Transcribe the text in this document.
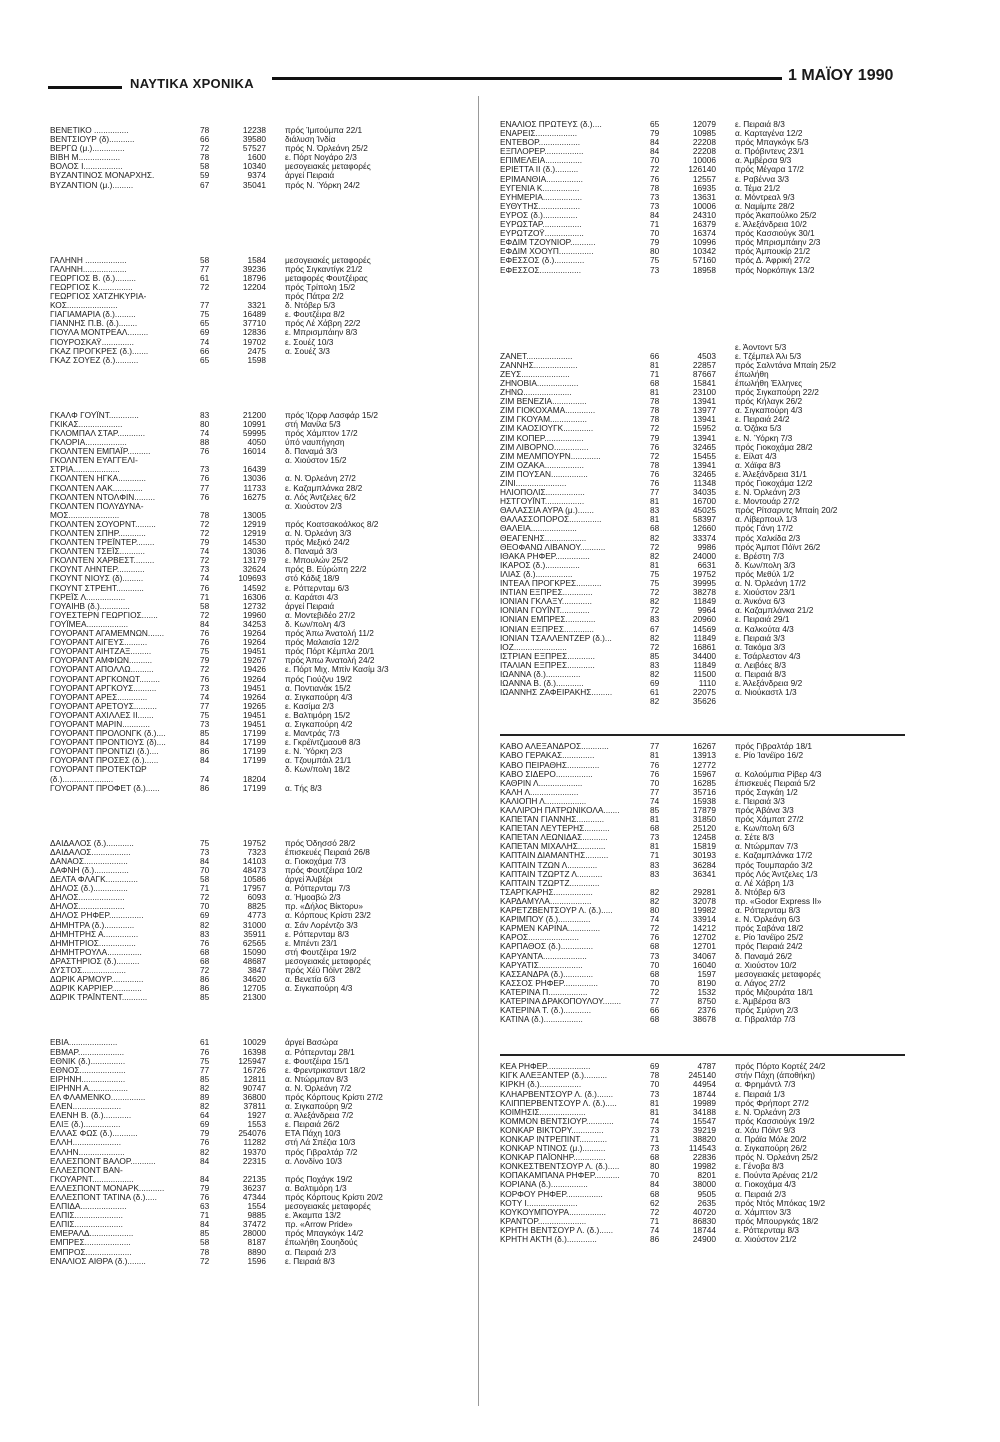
ΝΑΥΤΙΚΑ ΧΡΟΝΙΚΑ	1 ΜΑΪΟΥ 1990
ΒΕΝΕΤΙΚΟ ...............	78	12238 πρός Ίμιτούμπα 22/1
ΒΕΝΤΣΙΟΥΡ (δ)...........	66	39580 διάλυση Ίνδία
ΒΕΡΓΩ (μ.)..............	72	57527 πρός Ν. Όρλεάνη 25/2
ΒΙΒΗ Μ..................	78	1600 ε. Πόρτ Νογάρο 2/3
ΒΟΛΟΣ Ι.................	58	10340 μεσογειακές μεταφορές
ΒΥΖΑΝΤΙΝΟΣ ΜΟΝΑΡΧΗΣ.	59	9374 άργεί Πειραιά
ΒΥΖΑΝΤΙΟΝ (μ.).........	67	35041 πρός Ν. Ύόρκη 24/2
ΓΑΛΗΝΗ ..................	58	1584 μεσογειακές μεταφορές
ΓΑΛΗΝΗ...................	77	39236 πρός Σιγκαντίγκ 21/2
ΓΕΩΡΓΙΟΣ Β. (δ.).........	61	18796 μεταφορές Φουτζέιρας
ΓΕΩΡΓΙΟΣ Κ...............	72	12204 πρός Τρίπολη 15/2
ΓΕΩΡΓΙΟΣ ΧΑΤΖΗΚΥΡΙΑ-	πρός Πάτρα 2/2
ΚΟΣ......................	77	3321 δ. Ντόβερ 5/3
ΓΙΑΓΙΑΜΑΡΙΑ (δ.).........	75	16489 ε. Φουτζέιρα 8/2
ΓΙΑΝΝΗΣ Π.Β. (δ.)........	65	37710 πρός Λέ Χάβρη 22/2
ΓΙΟΥΛΑ ΜΟΝΤΡΕΑΛ.........	69	12836 ε. Μπρισμπάιην 8/3
ΓΙΟΥΡΟΣΚΑΫ..............	74	19702 ε. Σουέζ 10/3
ΓΚΑΖ ΠΡΟΓΚΡΕΣ (δ.).......	66	2475 α. Σουέζ 3/3
ΓΚΑΖ ΣΟΥΕΖ (δ.)..........	65	1598
ΓΚΑΛΦ ΓΟΥΪΝΤ.............	83	21200 πρός Ίζορφ Λασφάρ 15/2
ΓΚΙΚΑΣ...................	80	10991 στή Μανίλα 5/3
ΓΚΛΟΜΠΑΛ ΣΤΑΡ............	74	59995 πρός Χάμπτον 17/2
ΓΚΛΟΡΙΑ..................	88	4050 ύπό ναυπήγηση
ΓΚΟΛΝΤΕΝ ΕΜΠΑΪΡ..........	76	16014 δ. Παναμά 3/3
ΓΚΟΛΝΤΕΝ ΕΥΑΓΓΕΛΙ-	α. Χιούστον 15/2
ΣΤΡΙΑ....................	73	16439
ΓΚΟΛΝΤΕΝ ΗΓΚΑ............	76	13036 α. Ν. Όρλεάνη 27/2
ΓΚΟΛΝΤΕΝ ΛΑΚ.............	77	11733 ε. Καζαμπλάνκα 28/2
ΓΚΟΛΝΤΕΝ ΝΤΟΛΦΙΝ.........	76	16275 α. Λός Άντζελες 6/2
ΓΚΟΛΝΤΕΝ ΠΟΛΥΔΥΝΑ-	α. Χιούστον 2/3
ΜΟΣ......................	78	13005
ΓΚΟΛΝΤΕΝ ΣΟΥΟΡΝΤ.........	72	12919 πρός Κοατσακοάλκος 8/2
ΓΚΟΛΝΤΕΝ ΣΠΗΡ............	72	12919 α. Ν. Όρλεάνη 3/3
ΓΚΟΛΝΤΕΝ ΤΡΕΪΝΤΕΡ........	79	14530 πρός Μεξικό 24/2
ΓΚΟΛΝΤΕΝ ΤΣΕΪΣ...........	74	13036 δ. Παναμά 3/3
ΓΚΟΛΝΤΕΝ ΧΑΡΒΕΣΤ.........	72	13179 ε. Μπουλών 25/2
ΓΚΟΥΝΤ ΛΗΝΤΕΡ............	73	32624 πρός Β. Εύρώπη 22/2
ΓΚΟΥΝΤ ΝΙΟΥΣ (δ).........	74	109693 στό Κάδιξ 18/9
ΓΚΟΥΝΤ ΣΤΡΕΗΤ............	76	14592 ε. Ρόττερνταμ 6/3
ΓΚΡΕΪΣ Λ.................	71	16306 α. Καράτσι 4/3
ΓΟΥΑΙΗΒ (δ.).............	58	12732 άργεί Πειραιά
ΓΟΥΕΣΤΕΡΝ ΓΕΩΡΓΙΟΣ.......	72	19960 α. Μοντεβιδέο 27/2
ΓΟΥΪΜΕΑ..................	84	34253 δ. Κων/πολη 4/3
ΓΟΥΟΡΑΝΤ ΑΓΑΜΕΜΝΩΝ.......	76	19264 πρός Άπω Άνατολή 11/2
ΓΟΥΟΡΑΝΤ ΑΙΓΕΥΣ..........	76	19264 πρός Μαλαισία 12/2
ΓΟΥΟΡΑΝΤ ΑΙΗΤΖΑΞ.........	75	19451 πρός Πόρτ Κέμπλα 20/1
ΓΟΥΟΡΑΝΤ ΑΜΦΙΩΝ..........	79	19267 πρός Άπω Άνατολή 24/2
ΓΟΥΟΡΑΝΤ ΑΠΟΛΛΩ..........	72	19426 ε. Πόρτ Μιχ. Μπίν Κασίμ 3/3
ΓΟΥΟΡΑΝΤ ΑΡΓΚΟΝΩΤ.........	76	19264 πρός Γιούζνυ 19/2
ΓΟΥΟΡΑΝΤ ΑΡΓΚΟΥΣ..........	73	19451 α. Ποντιανάκ 15/2
ΓΟΥΟΡΑΝΤ ΑΡΕΣ.............	74	19264 α. Σιγκαπούρη 4/3
ΓΟΥΟΡΑΝΤ ΑΡΕΤΟΥΣ..........	77	19265 ε. Κασίμα 2/3
ΓΟΥΟΡΑΝΤ ΑΧΙΛΛΕΣ ΙΙ.......	75	19451 ε. Βαλτιμόρη 15/2
ΓΟΥΟΡΑΝΤ ΜΑΡΙΝ............	73	19451 α. Σιγκαπούρη 4/2
ΓΟΥΟΡΑΝΤ ΠΡΟΛΟΝΓΚ (δ.)....	85	17199 ε. Μαντράς 7/3
ΓΟΥΟΡΑΝΤ ΠΡΟΝΤΙΟΥΣ (δ)....	84	17199 ε. Γκρέϊντζμαουθ 8/3
ΓΟΥΟΡΑΝΤ ΠΡΟΝΤΙΖΙ (δ.)....	86	17199 ε. Ν. Ύόρκη 2/3
ΓΟΥΟΡΑΝΤ ΠΡΟΣΕΣ (δ.)......	84	17199 α. Τζουμπάιλ 21/1
ΓΟΥΟΡΑΝΤ ΠΡΟΤΕΚΤΩΡ	δ. Κων/πολη 18/2
(δ.)......................	74	18204
ΓΟΥΟΡΑΝΤ ΠΡΟΦΕΤ (δ.)......	86	17199 α. Τής 8/3
ΔΑΙΔΑΛΟΣ (δ.)............	75	19752 πρός Όδησσό 28/2
ΔΑΙΔΑΛΟΣ.................	73	7323 έπισκευές Πειραιά 26/8
ΔΑΝΑΟΣ...................	84	14103 α. Γιοκοχάμα 7/3
ΔΑΦΝΗ (δ.)...............	70	48473 πρός Φουτζέιρα 10/2
ΔΕΛΤΑ ΦΛΑΓΚ..............	58	10586 άργεί Άλιβέρι
ΔΗΛΟΣ (δ.)...............	71	17957 α. Ρόττερνταμ 7/3
ΔΗΛΟΣ....................	72	6093 α. Ήμοαβώ 2/3
ΔΗΛΟΣ....................	70	8825 πρ. «Δήλος Βίκτορυ»
ΔΗΛΟΣ ΡΗΦΕΡ...............	69	4773 α. Κόρπους Κρίστι 23/2
ΔΗΜΗΤΡΑ (δ.).............	82	31000 α. Σάν Λορέντζο 3/3
ΔΗΜΗΤΡΗΣ Α...............	83	35911 ε. Ρόττερνταμ 8/3
ΔΗΜΗΤΡΙΟΣ................	76	62565 ε. Μπέντι 23/1
ΔΗΜΗΤΡΟΥΛΑ...............	68	15090 στή Φουτζέιρα 19/2
ΔΡΑΣΤΗΡΙΟΣ (δ.)..........	68	48687 μεσογειακές μεταφορές
ΔΥΣΤΟΣ...................	72	3847 πρός Χέϋ Πόϊντ 28/2
ΔΩΡΙΚ ΑΡΜΟΥΡ..............	86	34620 α. Βενετία 6/3
ΔΩΡΙΚ ΚΑΡΡΙΕΡ.............	86	12705 α. Σιγκαπούρη 4/3
ΔΩΡΙΚ ΤΡΑΪΝΤΕΝΤ...........	85	21300
ΕΒΙΑ.....................	61	10029 άργεί Βασώρα
ΕΒΜΑΡ....................	76	16398 α. Ρόττερνταμ 28/1
ΕΘΝΙΚ (δ.)...............	75	125947 ε. Φουτζέιρα 15/1
ΕΘΝΟΣ....................	77	16726 ε. Φρεντρικσταντ 18/2
ΕΙΡΗΝΗ...................	85	12811 α. Ντώρμπαν 8/3
ΕΙΡΗΝΗ Α.................	82	90747 α. Ν. Όρλεάνη 7/2
ΕΛ ΦΛΑΜΕΝΚΟ...............	89	36800 πρός Κόρπους Κρίστι 27/2
ΕΛΕΝ.....................	82	37811 α. Σιγκαπούρη 9/2
ΕΛΕΝΗ Β. (δ.)............	64	1927 α. Άλεξάνδρεια 7/2
ΕΛΙΞ (δ.)................	69	1553 ε. Πειραιά 26/2
ΕΛΛΑΣ ΦΩΣ (δ.)...........	79	254076 ΕΤΑ Πάχη 10/3
ΕΛΛΗ.....................	76	11282 στή Λά Σπέζια 10/3
ΕΛΛΗΝ....................	82	19370 πρός Γιβραλτάρ 7/2
ΕΛΛΕΣΠΟΝΤ ΒΑΛΟΡ...........	84	22315 α. Λονδίνο 10/3
ΕΛΛΕΣΠΟΝΤ ΒΑΝ-
ΓΚΟΥΑΡΝΤ..................	84	22135 πρός Ποχάγκ 19/2
ΕΛΛΕΣΠΟΝΤ ΜΟΝΑΡΚ...........	79	36237 α. Βαλτιμόρη 1/3
ΕΛΛΕΣΠΟΝΤ ΤΑΤΙΝΑ (δ.).....	76	47344 πρός Κόρπους Κρίστι 20/2
ΕΛΠΙΔΑ....................	63	1554 μεσογειακές μεταφορές
ΕΛΠΙΣ.....................	71	9885 ε. Άκαμπα 13/2
ΕΛΠΙΣ.....................	84	37472 πρ. «Arrow Pride»
ΕΜΕΡΑΛΔ...................	85	28000 πρός Μπαγκόγκ 14/2
ΕΜΠΡΕΣ....................	58	8187 έπωλήθη Σουηδούς
ΕΜΠΡΟΣ....................	78	8890 α. Πειραιά 2/3
ΕΝΑΛΙΟΣ ΑΙΘΡΑ (δ.)........	72	1596 ε. Πειραιά 8/3
ΕΝΑΛΙΟΣ ΠΡΩΤΕΥΣ (δ.)....	65	12079 ε. Πειραιά 8/3
ΕΝΑΡΕΙΣ..................	79	10985 α. Καρταγένα 12/2
ΕΝΤΕΒΟΡ..................	84	22208 πρός Μπαγκόγκ 5/3
ΕΞΠΛΟΡΕΡ.................	84	22208 α. Πρόβιντενς 23/1
ΕΠΙΜΕΛΕΙΑ................	70	10006 α. Άμβέρσα 9/3
ΕΡΙΕΤΤΑ ΙΙ (δ.)..........	72	126140 πρός Μέγαρα 17/2
ΕΡΙΜΑΝΘΙΑ................	76	12557 ε. Ραβέννα 3/3
ΕΥΓΕΝΙΑ Κ................	78	16935 α. Τέμα 21/2
ΕΥΗΜΕΡΙΑ.................	73	13631 α. Μόντρεαλ 9/3
ΕΥΘΥΤΗΣ..................	73	10006 α. Ναμίμπε 28/2
ΕΥΡΟΣ (δ.)...............	84	24310 πρός Άκαπούλκο 25/2
ΕΥΡΩΣΤΑΡ.................	71	16379 ε. Άλεξάνδρεια 10/2
ΕΥΡΩΤΖΟΫ.................	70	16374 πρός Κασσιούγκ 30/1
ΕΦΔΙΜ ΤΖΟΥΝΙΟΡ...........	79	10996 πρός Μπρισμπάιην 2/3
ΕΦΔΙΜ ΧΟΟΥΠ...............	80	10342 πρός Άμπουκίρ 21/2
ΕΦΕΣΣΟΣ (δ.).............	75	57160 πρός Δ. Άφρική 27/2
ΕΦΕΣΣΟΣ..................	73	18958 πρός Νορκόπιγκ 13/2
ε. Άοντοντ 5/3
ΖΑΝΕΤ....................	66	4503 ε. Τζέμπελ Άλι 5/3
ΖΑΝΝΗΣ...................	81	22857 πρός Σαλντάνα Μπαίη 25/2
ΖΕΥΣ.....................	71	87667 έπωλήθη
ΖΗΝΟΒΙΑ..................	68	15841 έπωλήθη Έλληνες
ΖΗΝΩ.....................	81	23100 πρός Σιγκαπούρη 22/2
ΖΙΜ ΒΕΝΕΖΙΑ...............	78	13941 πρός Κήλαγκ 26/2
ΖΙΜ ΓΙΟΚΟΧΑΜΑ.............	78	13977 α. Σιγκαπούρη 4/3
ΖΙΜ ΓΚΟΥΑΜ................	78	13941 ε. Πειραιά 24/2
ΖΙΜ ΚΑΟΣΙΟΥΓΚ.............	72	15952 α. Όζάκα 5/3
ΖΙΜ ΚΟΠΕΡ.................	79	13941 ε. Ν. Ύόρκη 7/3
ΖΙΜ ΛΙΒΟΡΝΟ...............	76	32465 πρός Γιοκοχάμα 28/2
ΖΙΜ ΜΕΛΜΠΟΥΡΝ.............	72	15455 ε. Είλατ 4/3
ΖΙΜ ΟΖΑΚΑ.................	78	13941 α. Χάϊφα 8/3
ΖΙΜ ΠΟΥΣΑΝ................	76	32465 ε. Άλεξάνδρεια 31/1
ΖΙΝΙ......................	76	11348 πρός Γιοκοχάμα 12/2
ΗΛΙΟΠΟΛΙΣ.................	77	34035 ε. Ν. Όρλεάνη 2/3
ΗΣΤΓΟΥΪΝΤ.................	81	16700 ε. Μοντουάρ 27/2
ΘΑΛΑΣΣΙΑ ΑΥΡΑ (μ.).......	83	45025 πρός Ρίτσαρντς Μπαίη 20/2
ΘΑΛΑΣΣΟΠΟΡΟΣ..............	81	58397 α. Λίβερπουλ 1/3
ΘΑΛΕΙΑ....................	68	12660 πρός Γάνη 17/2
ΘΕΑΓΕΝΗΣ..................	82	33374 πρός Χαλκίδα 2/3
ΘΕΟΦΑΝΩ ΛΙΒΑΝΟΥ...........	72	9986 πρός Άμποτ Πόϊντ 26/2
ΙΘΑΚΑ ΡΗΦΕΡ...............	82	24000 ε. Βρέστη 7/3
ΙΚΑΡΟΣ (δ.)...............	81	6631 δ. Κων/πολη 3/3
ΙΛΙΑΣ (δ.)................	75	19752 πρός Μεθύλ 1/2
ΙΝΤΕΑΛ ΠΡΟΓΚΡΕΣ...........	75	39995 α. Ν. Όρλεάνη 17/2
ΙΝΤΙΑΝ ΕΞΠΡΕΣ.............	72	38278 ε. Χιούστον 23/1
ΙΟΝΙΑΝ ΓΚΛΑΞΥ.............	82	11849 α. Άνκόνα 6/3
ΙΟΝΙΑΝ ΓΟΥΪΝΤ.............	72	9964 α. Καζαμπλάνκα 21/2
ΙΟΝΙΑΝ ΕΜΠΡΕΣ.............	83	20960 ε. Πειραιά 29/1
ΙΟΝΙΑΝ ΕΞΠΡΕΣ.............	67	14569 α. Καλκούτα 4/3
ΙΟΝΙΑΝ ΤΣΑΛΛΕΝΤΖΕΡ (δ.)...	82	11849 ε. Πειραιά 3/3
ΙΟΖ.......................	72	16861 α. Τακόμα 3/3
ΙΣΤΡΙΑΝ ΕΞΠΡΕΣ............	85	34400 ε. Τσάρλεστον 4/3
ΙΤΑΛΙΑΝ ΕΞΠΡΕΣ............	83	11849 α. Λειβόες 8/3
ΙΩΑΝΝΑ (δ.)...............	82	11500 α. Πειραιά 8/3
ΙΩΑΝΝΑ Β. (δ.)............	69	1110 ε. Άλεξάνδρεια 9/2
ΙΩΑΝΝΗΣ ΖΑΦΕΙΡΑΚΗΣ.........	61	22075 α. Νιούκαστλ 1/3
82	35626
ΚΑΒΟ ΑΛΕΞΑΝΔΡΟΣ............	77	16267 πρός Γιβραλτάρ 18/1
ΚΑΒΟ ΓΕΡΑΚΑΣ..............	81	13913 ε. Ρίο Ίανέϊρο 16/2
ΚΑΒΟ ΠΕΙΡΑΘΗΣ..............	76	12772
ΚΑΒΟ ΣΙΔΕΡΟ................	76	15967 α. Κολούμπια Ρίβερ 4/3
ΚΑΘΡΙΝ Λ...................	70	16285 έπισκευές Πειραιά 5/2
ΚΑΛΗ Λ.....................	77	35716 πρός Σαγκάη 1/2
ΚΑΛΙΟΠΗ Λ..................	74	15938 ε. Πειραιά 3/3
ΚΑΛΛΙΡΟΗ ΠΑΤΡΩΝΙΚΟΛΑ.......	85	17879 πρός Άβάνα 3/3
ΚΑΠΕΤΑΝ ΓΙΑΝΝΗΣ............	81	31850 πρός Χάμπατ 27/2
ΚΑΠΕΤΑΝ ΛΕΥΤΕΡΗΣ...........	68	25120 ε. Κων/πολη 6/3
ΚΑΠΕΤΑΝ ΛΕΩΝΙΔΑΣ...........	73	12458 α. Σέτε 8/3
ΚΑΠΕΤΑΝ ΜΙΧΑΛΗΣ............	81	15819 α. Ντώρμπαν 7/3
ΚΑΠΤΑΙΝ ΔΙΑΜΑΝΤΗΣ..........	71	30193 ε. Καζαμπλάνκα 17/2
ΚΑΠΤΑΙΝ ΤΖΩΝ Λ.............	83	36284 πρός Τουμπαράο 3/2
ΚΑΠΤΑΙΝ ΤΖΩΡΤΖ Λ...........	83	36341 πρός Λός Άντζελες 1/3
ΚΑΠΤΑΙΝ ΤΖΩΡΤΖ.............	α. Λέ Χάβρη 1/3
ΤΣΑΡΓΚΑΡΗΣ.................	82	29281 δ. Ντόβερ 6/3
ΚΑΡΔΑΜΥΛΑ..................	82	32078 πρ. «Godor Express II»
ΚΑΡΕΤΖΒΕΝΤΣΟΥΡ Λ. (δ.).....	80	19982 α. Ρόττερνταμ 8/3
ΚΑΡΙΜΠΟΥ (δ.)..............	74	33914 ε. Ν. Όρλεάνη 6/3
ΚΑΡΜΕΝ ΚΑΡΙΝΑ..............	72	14212 πρός Σαβάνα 18/2
ΚΑΡΟΣ......................	76	12702 ε. Ρίο Ίανέϊρο 25/2
ΚΑΡΠΑΘΟΣ (δ.)..............	68	12701 πρός Πειραιά 24/2
ΚΑΡΥΑΝΤΑ...................	73	34067 δ. Παναμά 26/2
ΚΑΡΥΑΤΙΣ...................	70	16040 α. Χιούστον 10/2
ΚΑΣΣΑΝΔΡΑ (δ.).............	68	1597 μεσογειακές μεταφορές
ΚΑΣΣΟΣ ΡΗΦΕΡ...............	70	8190 α. Λάγος 27/2
ΚΑΤΕΡΙΝΑ Π.................	72	1532 πρός Μιζουράτα 18/1
ΚΑΤΕΡΙΝΑ ΔΡΑΚΟΠΟΥΛΟΥ........	77	8750 ε. Άμβέρσα 8/3
ΚΑΤΕΡΙΝΑ Τ. (δ.)............	66	2376 πρός Σμύρνη 2/3
ΚΑΤΙΝΑ (δ.).................	68	38678 α. Γιβραλτάρ 7/3
ΚΕΑ ΡΗΦΕΡ...................	69	4787 πρός Πόρτο Κορτέζ 24/2
ΚΙΓΚ ΑΛΕΞΑΝΤΕΡ (δ.)..........	78	245140 στήν Πάχη (άποθήκη)
ΚΙΡΚΗ (δ.)..................	70	44954 α. Φρημάντλ 7/3
ΚΛΗΑΡΒΕΝΤΣΟΥΡ Λ. (δ.).......	73	18744 ε. Πειραιά 1/3
ΚΛΙΠΠΕΡΒΕΝΤΣΟΥΡ Λ. (δ.).....	81	19989 πρός Φρήπορτ 27/2
ΚΟΙΜΗΣΙΣ....................	81	34188 ε. Ν. Όρλεάνη 2/3
ΚΟΜΜΟΝ ΒΕΝΤΣΙΟΥΡ............	74	15547 πρός Κασσιούγκ 19/2
ΚΟΝΚΑΡ ΒΙΚΤΟΡΥ..............	73	39219 α. Χάυ Πόϊντ 9/3
ΚΟΝΚΑΡ ΙΝΤΡΕΠΙΝΤ............	71	38820 α. Πράϊα Μόλε 20/2
ΚΟΝΚΑΡ ΝΤΙΝΟΣ (μ.)..........	73	114543 α. Σιγκαπούρη 26/2
ΚΟΝΚΑΡ ΠΑΪΟΝΗΡ..............	68	22836 πρός Ν. Όρλεάνη 25/2
ΚΟΝΚΕΣΤΒΕΝΤΣΟΥΡ Λ. (δ.).....	80	19982 ε. Γένοβα 8/3
ΚΟΠΑΚΑΜΠΑΝΑ ΡΗΦΕΡ...........	70	8201 ε. Πούντα Άρένας 21/2
ΚΟΡΙΑΝΑ (δ.)................	84	38000 α. Γιοκοχάμα 4/3
ΚΟΡΦΟΥ ΡΗΦΕΡ................	68	9505 α. Πειραιά 2/3
ΚΟΤΥ Ι......................	62	2635 πρός Ντός Μπόκας 19/2
ΚΟΥΚΟΥΜΠΟΥΡΑ................	72	40720 α. Χάμπτον 3/3
ΚΡΑΝΤΟΡ.....................	71	86830 πρός Μπουργκάς 18/2
ΚΡΗΤΗ ΒΕΝΤΣΟΥΡ Λ. (δ.)......	74	18744 ε. Ρόττερνταμ 8/3
ΚΡΗΤΗ ΑΚΤΗ (δ.).............	86	24900 α. Χιούστον 21/2
